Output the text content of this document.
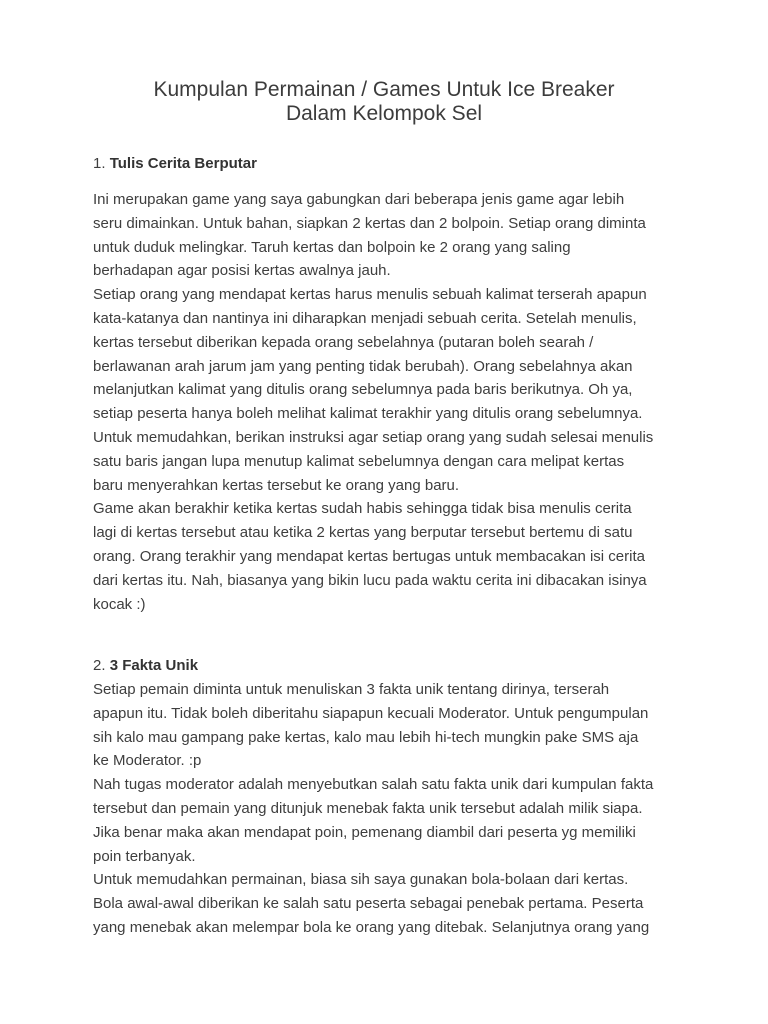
Kumpulan Permainan / Games Untuk Ice Breaker
Dalam Kelompok Sel

1. Tulis Cerita Berputar

Ini merupakan game yang saya gabungkan dari beberapa jenis game agar lebih
seru dimainkan. Untuk bahan, siapkan 2 kertas dan 2 bolpoin. Setiap orang diminta
untuk duduk melingkar. Taruh kertas dan bolpoin ke 2 orang yang saling
berhadapan agar posisi kertas awalnya jauh.
Setiap orang yang mendapat kertas harus menulis sebuah kalimat terserah apapun
kata-katanya dan nantinya ini diharapkan menjadi sebuah cerita. Setelah menulis,
kertas tersebut diberikan kepada orang sebelahnya (putaran boleh searah /
berlawanan arah jarum jam yang penting tidak berubah). Orang sebelahnya akan
melanjutkan kalimat yang ditulis orang sebelumnya pada baris berikutnya. Oh ya,
setiap peserta hanya boleh melihat kalimat terakhir yang ditulis orang sebelumnya.
Untuk memudahkan, berikan instruksi agar setiap orang yang sudah selesai menulis
satu baris jangan lupa menutup kalimat sebelumnya dengan cara melipat kertas
baru menyerahkan kertas tersebut ke orang yang baru.
Game akan berakhir ketika kertas sudah habis sehingga tidak bisa menulis cerita
lagi di kertas tersebut atau ketika 2 kertas yang berputar tersebut bertemu di satu
orang. Orang terakhir yang mendapat kertas bertugas untuk membacakan isi cerita
dari kertas itu. Nah, biasanya yang bikin lucu pada waktu cerita ini dibacakan isinya
kocak :)

2. 3 Fakta Unik

Setiap pemain diminta untuk menuliskan 3 fakta unik tentang dirinya, terserah
apapun itu. Tidak boleh diberitahu siapapun kecuali Moderator. Untuk pengumpulan
sih kalo mau gampang pake kertas, kalo mau lebih hi-tech mungkin pake SMS aja
ke Moderator. :p
Nah tugas moderator adalah menyebutkan salah satu fakta unik dari kumpulan fakta
tersebut dan pemain yang ditunjuk menebak fakta unik tersebut adalah milik siapa.
Jika benar maka akan mendapat poin, pemenang diambil dari peserta yg memiliki
poin terbanyak.
Untuk memudahkan permainan, biasa sih saya gunakan bola-bolaan dari kertas.
Bola awal-awal diberikan ke salah satu peserta sebagai penebak pertama. Peserta
yang menebak akan melempar bola ke orang yang ditebak. Selanjutnya orang yang
